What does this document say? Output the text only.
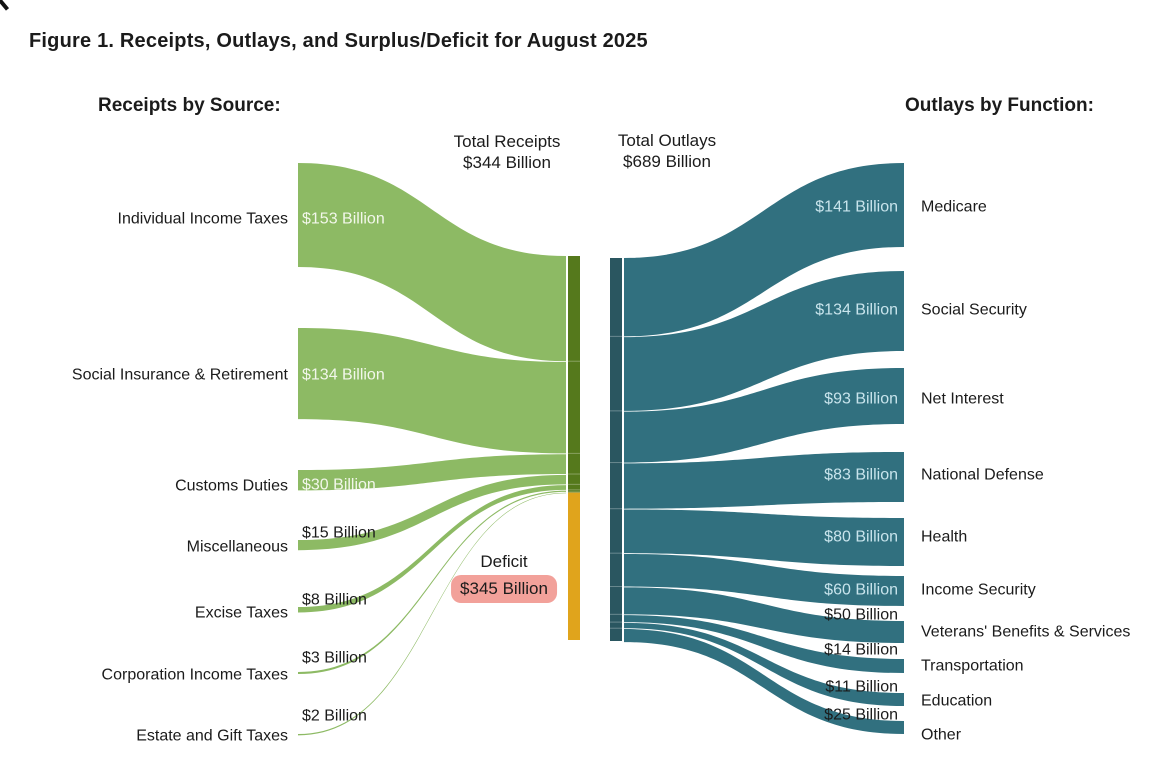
Figure 1. Receipts, Outlays, and Surplus/Deficit for August 2025
Receipts by Source:	Outlays by Function:
Individual Income Taxes $153 Billion
Social Insurance & Retirement $134 Billion
Customs Duties $30 Billion
Miscellaneous
$15 Billion
Excise Taxes
$8 Billion
Corporation Income Taxes
$3 Billion
Estate and Gift Taxes
$2 Billion
$141 Billion Medicare
$134 Billion Social Security
$93 Billion Net Interest
$83 Billion National Defense
$80 Billion Health
$60 Billion Income Security
$50 Billion
Veterans' Benefits & Services
$14 Billion
Transportation
$11 Billion
Education
$25 Billion
Other
Total Receipts
$344 Billion
Total Outlays
$689 Billion
Deficit
$345 Billion
